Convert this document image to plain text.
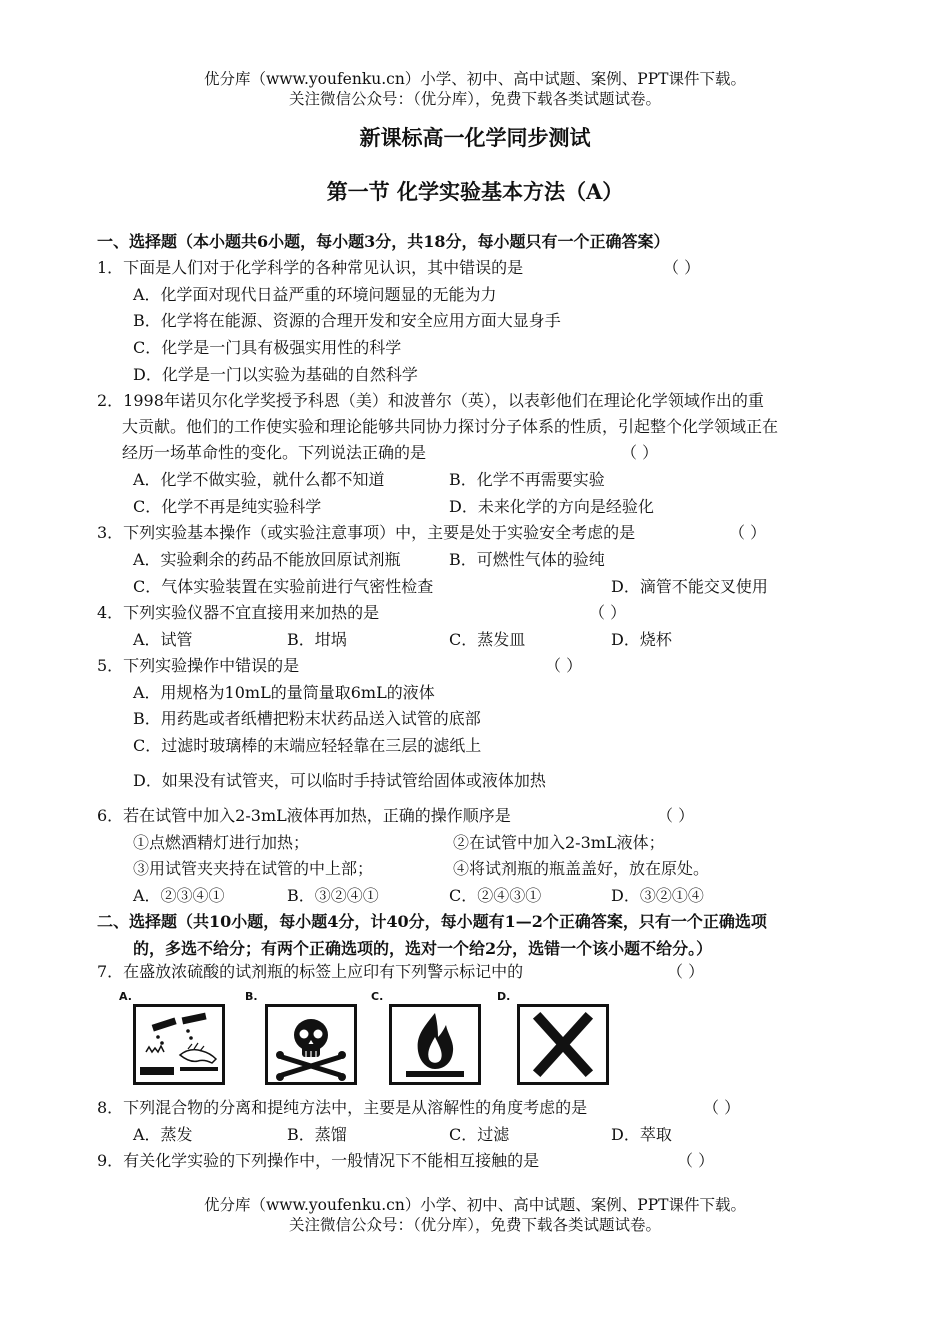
优分库（www.youfenku.cn）小学、初中、高中试题、案例、PPT课件下载。
关注微信公众号：（优分库），免费下载各类试题试卷。
新课标高一化学同步测试
第一节 化学实验基本方法（A）
一、选择题（本小题共6小题，每小题3分，共18分，每小题只有一个正确答案）
1．下面是人们对于化学科学的各种常见认识，其中错误的是	（ ）
A．化学面对现代日益严重的环境问题显的无能为力
B．化学将在能源、资源的合理开发和安全应用方面大显身手
C．化学是一门具有极强实用性的科学
D．化学是一门以实验为基础的自然科学
2．1998年诺贝尔化学奖授予科恩（美）和波普尔（英），以表彰他们在理论化学领域作出的重
大贡献。他们的工作使实验和理论能够共同协力探讨分子体系的性质，引起整个化学领域正在
经历一场革命性的变化。下列说法正确的是	（ ）
A．化学不做实验，就什么都不知道	B．化学不再需要实验
C．化学不再是纯实验科学	D．未来化学的方向是经验化
3．下列实验基本操作（或实验注意事项）中，主要是处于实验安全考虑的是	（ ）
A．实验剩余的药品不能放回原试剂瓶	B．可燃性气体的验纯
C．气体实验装置在实验前进行气密性检查	D．滴管不能交叉使用
4．下列实验仪器不宜直接用来加热的是	（ ）
A．试管	B．坩埚	C．蒸发皿	D．烧杯
5．下列实验操作中错误的是	（ ）
A．用规格为10mL的量筒量取6mL的液体
B．用药匙或者纸槽把粉末状药品送入试管的底部
C．过滤时玻璃棒的末端应轻轻靠在三层的滤纸上
D．如果没有试管夹，可以临时手持试管给固体或液体加热
6．若在试管中加入2-3mL液体再加热，正确的操作顺序是	（ ）
①点燃酒精灯进行加热；	②在试管中加入2-3mL液体；
③用试管夹夹持在试管的中上部；	④将试剂瓶的瓶盖盖好，放在原处。
A．②③④①	B．③②④①	C．②④③①	D．③②①④
二、选择题（共10小题，每小题4分，计40分，每小题有1—2个正确答案，只有一个正确选项
的，多选不给分；有两个正确选项的，选对一个给2分，选错一个该小题不给分。）
7．在盛放浓硫酸的试剂瓶的标签上应印有下列警示标记中的	（ ）
A.	B.	C.	D.
8．下列混合物的分离和提纯方法中，主要是从溶解性的角度考虑的是	（ ）
A．蒸发	B．蒸馏	C．过滤	D．萃取
9．有关化学实验的下列操作中，一般情况下不能相互接触的是	（ ）
优分库（www.youfenku.cn）小学、初中、高中试题、案例、PPT课件下载。
关注微信公众号：（优分库），免费下载各类试题试卷。
